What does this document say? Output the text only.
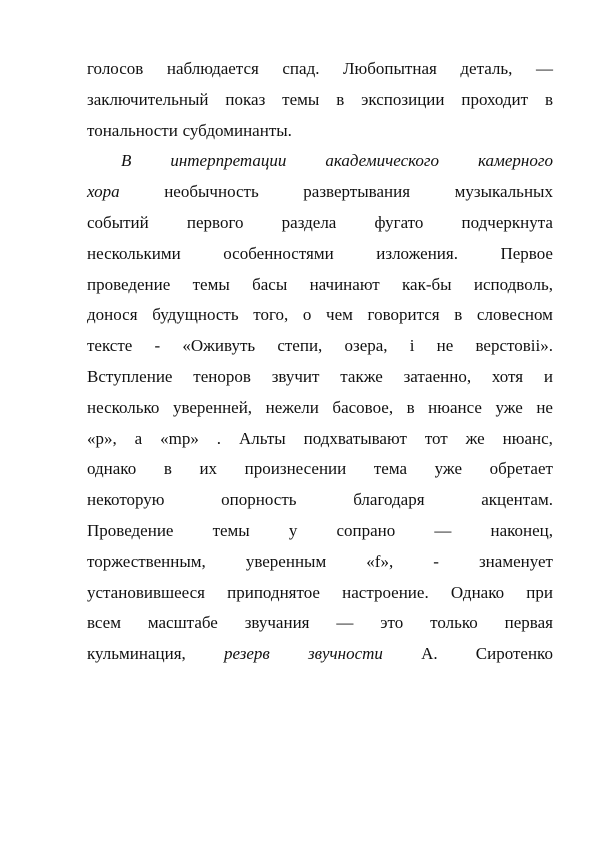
голосов наблюдается спад. Любопытная деталь, —
заключительный показ темы в экспозиции проходит в
тональности субдоминанты.
В интерпретации академического камерного
хора	необычность	развертывания	музыкальных
событий первого раздела фугато подчеркнута
несколькими	особенностями	изложения.	Первое
проведение темы басы начинают как-бы исподволь,
донося будущность того, о чем говорится в словесном
тексте - «Оживуть степи, озера, і не верстовіі».
Вступление теноров звучит также затаенно, хотя и
несколько уверенней, нежели басовое, в нюансе уже не
«р», а «mр» . Альты подхватывают тот же нюанс,
однако в их произнесении тема уже обретает
некоторую	опорность	благодаря	акцентам.
Проведение темы у сопрано — наконец,
торжественным, уверенным «f», - знаменует
установившееся приподнятое настроение. Однако при
всем масштабе звучания — это только первая
кульминация, резерв звучности А. Сиротенко
